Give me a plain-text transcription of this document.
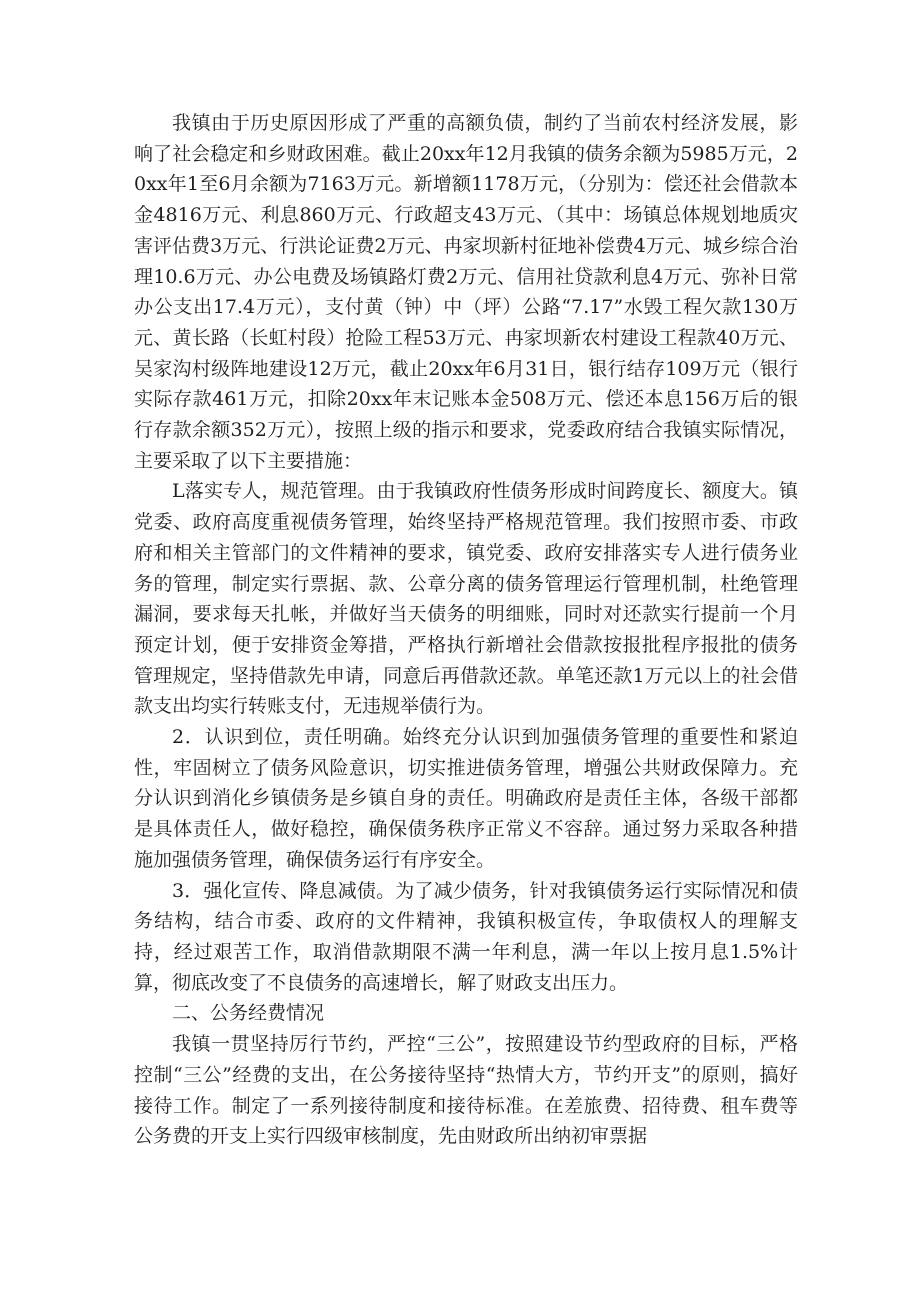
我镇由于历史原因形成了严重的高额负债，制约了当前农村经济发展，影响了社会稳定和乡财政困难。截止20xx年12月我镇的债务余额为5985万元，20xx年1至6月余额为7163万元。新增额1178万元，（分别为：偿还社会借款本金4816万元、利息860万元、行政超支43万元、（其中：场镇总体规划地质灾害评估费3万元、行洪论证费2万元、冉家坝新村征地补偿费4万元、城乡综合治理10.6万元、办公电费及场镇路灯费2万元、信用社贷款利息4万元、弥补日常办公支出17.4万元），支付黄（钟）中（坪）公路“7.17”水毁工程欠款130万元、黄长路（长虹村段）抢险工程53万元、冉家坝新农村建设工程款40万元、吴家沟村级阵地建设12万元，截止20xx年6月31日，银行结存109万元（银行实际存款461万元，扣除20xx年末记账本金508万元、偿还本息156万后的银行存款余额352万元），按照上级的指示和要求，党委政府结合我镇实际情况，主要采取了以下主要措施：

L落实专人，规范管理。由于我镇政府性债务形成时间跨度长、额度大。镇党委、政府高度重视债务管理，始终坚持严格规范管理。我们按照市委、市政府和相关主管部门的文件精神的要求，镇党委、政府安排落实专人进行债务业务的管理，制定实行票据、款、公章分离的债务管理运行管理机制，杜绝管理漏洞，要求每天扎帐，并做好当天债务的明细账，同时对还款实行提前一个月预定计划，便于安排资金筹措，严格执行新增社会借款按报批程序报批的债务管理规定，坚持借款先申请，同意后再借款还款。单笔还款1万元以上的社会借款支出均实行转账支付，无违规举债行为。

2．认识到位，责任明确。始终充分认识到加强债务管理的重要性和紧迫性，牢固树立了债务风险意识，切实推进债务管理，增强公共财政保障力。充分认识到消化乡镇债务是乡镇自身的责任。明确政府是责任主体，各级干部都是具体责任人，做好稳控，确保债务秩序正常义不容辞。通过努力采取各种措施加强债务管理，确保债务运行有序安全。

3．强化宣传、降息减债。为了减少债务，针对我镇债务运行实际情况和债务结构，结合市委、政府的文件精神，我镇积极宣传，争取债权人的理解支持，经过艰苦工作，取消借款期限不满一年利息，满一年以上按月息1.5%计算，彻底改变了不良债务的高速增长，解了财政支出压力。

二、公务经费情况

我镇一贯坚持厉行节约，严控“三公”，按照建设节约型政府的目标，严格控制“三公”经费的支出，在公务接待坚持“热情大方，节约开支”的原则，搞好接待工作。制定了一系列接待制度和接待标准。在差旅费、招待费、租车费等公务费的开支上实行四级审核制度，先由财政所出纳初审票据
